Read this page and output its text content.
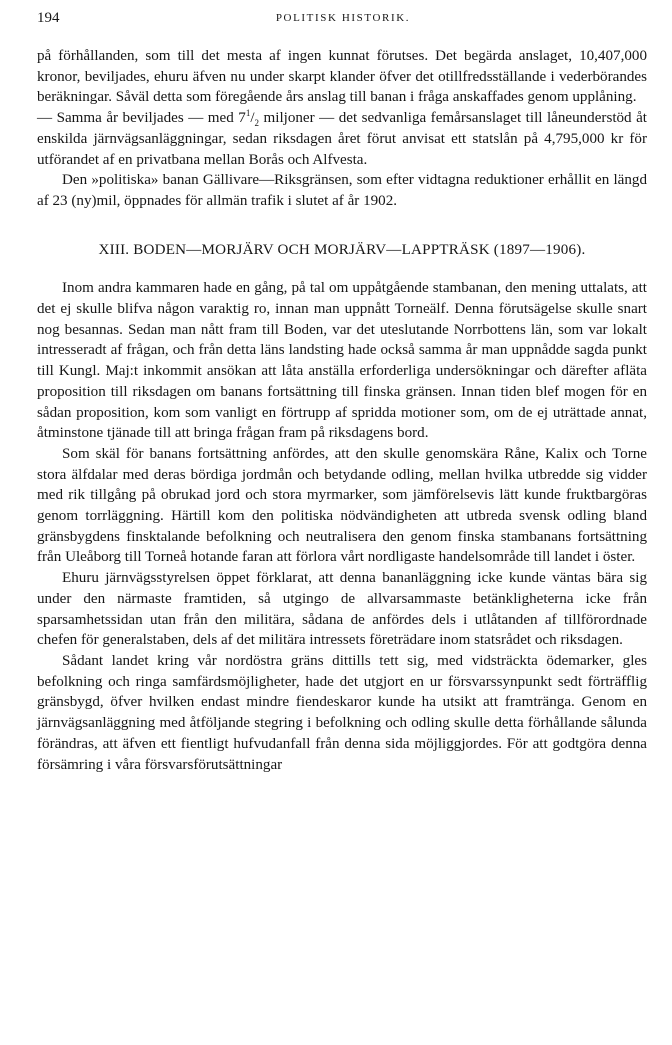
194	POLITISK HISTORIK.

på förhållanden, som till det mesta af ingen kunnat förutses. Det begärda anslaget, 10,407,000 kronor, beviljades, ehuru äfven nu under skarpt klander öfver det otillfredsställande i vederbörandes beräkningar. Såväl detta som föregående års anslag till banan i fråga anskaffades genom upplåning.

— Samma år beviljades — med $7^1/_2$ miljoner — det sedvanliga femårsanslaget till låneunderstöd åt enskilda järnvägsanläggningar, sedan riksdagen året förut anvisat ett statslån på 4,795,000 kr för utförandet af en privatbana mellan Borås och Alfvesta.

Den »politiska» banan Gällivare—Riksgränsen, som efter vidtagna reduktioner erhållit en längd af 23 (ny)mil, öppnades för allmän trafik i slutet af år 1902.

XIII. BODEN—MORJÄRV OCH MORJÄRV—LAPPTRÄSK (1897—1906).

Inom andra kammaren hade en gång, på tal om uppåtgående stambanan, den mening uttalats, att det ej skulle blifva någon varaktig ro, innan man uppnått Torneälf. Denna förutsägelse skulle snart nog besannas. Sedan man nått fram till Boden, var det uteslutande Norrbottens län, som var lokalt intresseradt af frågan, och från detta läns landsting hade också samma år man uppnådde sagda punkt till Kungl. Maj:t inkommit ansökan att låta anställa erforderliga undersökningar och därefter afläta proposition till riksdagen om banans fortsättning till finska gränsen. Innan tiden blef mogen för en sådan proposition, kom som vanligt en förtrupp af spridda motioner som, om de ej uträttade annat, åtminstone tjänade till att bringa frågan fram på riksdagens bord.

Som skäl för banans fortsättning anfördes, att den skulle genomskära Råne, Kalix och Torne stora älfdalar med deras bördiga jordmån och betydande odling, mellan hvilka utbredde sig vidder med rik tillgång på obrukad jord och stora myrmarker, som jämförelsevis lätt kunde fruktbargöras genom torrläggning. Härtill kom den politiska nödvändigheten att utbreda svensk odling bland gränsbygdens finsktalande befolkning och neutralisera den genom finska stambanans fortsättning från Uleåborg till Torneå hotande faran att förlora vårt nordligaste handelsområde till landet i öster.

Ehuru järnvägsstyrelsen öppet förklarat, att denna bananläggning icke kunde väntas bära sig under den närmaste framtiden, så utgingo de allvarsammaste betänkligheterna icke från sparsamhetssidan utan från den militära, sådana de anfördes dels i utlåtanden af tillförordnade chefen för generalstaben, dels af det militära intressets företrädare inom statsrådet och riksdagen.

Sådant landet kring vår nordöstra gräns dittills tett sig, med vidsträckta ödemarker, gles befolkning och ringa samfärdsmöjligheter, hade det utgjort en ur försvarssynpunkt sedt förträfflig gränsbygd, öfver hvilken endast mindre fiendeskaror kunde ha utsikt att framtränga. Genom en järnvägsanläggning med åtföljande stegring i befolkning och odling skulle detta förhållande sålunda förändras, att äfven ett fientligt hufvudanfall från denna sida möjliggjordes. För att godtgöra denna försämring i våra försvarsförutsättningar
